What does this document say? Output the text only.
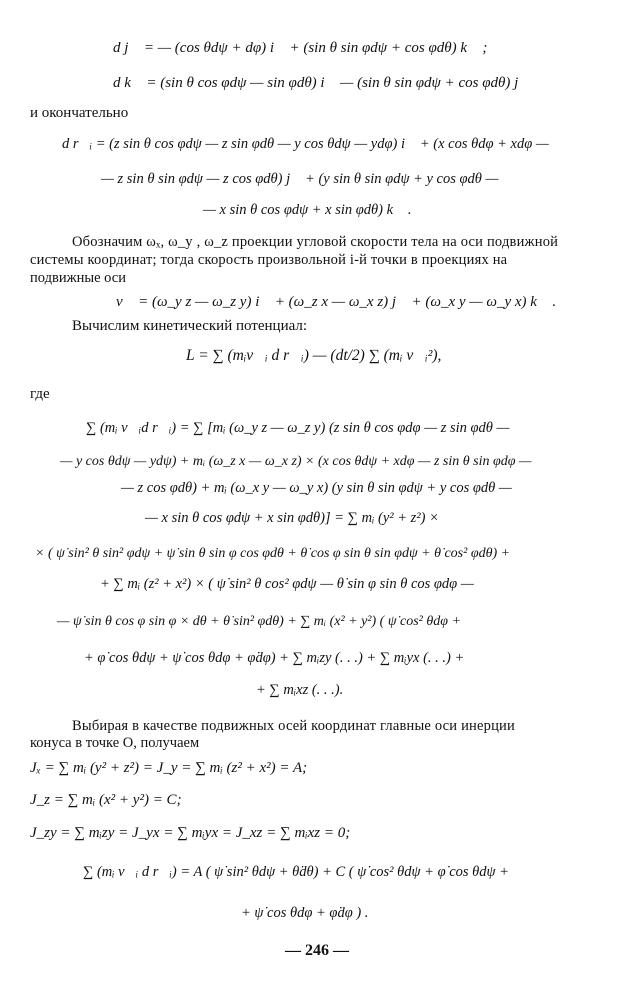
d j⃗ = — (cos θdψ + dφ) i⃗ + (sin θ sin φdψ + cos φdθ) k⃗ ;
d k⃗ = (sin θ cos φdψ — sin φdθ) i⃗ — (sin θ sin φdψ + cos φdθ) j⃗
и окончательно
d r⃗ᵢ = (z sin θ cos φdψ — z sin φdθ — y cos θdψ — ydφ) i⃗ + (x cos θdφ + xdφ —
— z sin θ sin φdψ — z cos φdθ) j⃗ + (y sin θ sin φdψ + y cos φdθ —
— x sin θ cos φdψ + x sin φdθ) k⃗ .
Обозначим ωₓ, ω_y , ω_z проекции угловой скорости тела на оси подвижной
системы координат; тогда скорость произвольной i-й точки в проекциях на
подвижные оси
v⃗ = (ω_y z — ω_z y) i⃗ + (ω_z x — ω_x z) j⃗ + (ω_x y — ω_y x) k⃗ .
Вычислим кинетический потенциал:
L = ∑ (mᵢv⃗ᵢ d r⃗ᵢ) — (dt/2) ∑ (mᵢ v⃗ᵢ²),
где
∑ (mᵢ v⃗ᵢd r⃗ᵢ) = ∑ [mᵢ (ω_y z — ω_z y) (z sin θ cos φdφ — z sin φdθ —
— y cos θdψ — ydψ) + mᵢ (ω_z x — ω_x z) × (x cos θdψ + xdφ — z sin θ sin φdφ —
— z cos φdθ) + mᵢ (ω_x y — ω_y x) (y sin θ sin φdψ + y cos φdθ —
— x sin θ cos φdψ + x sin φdθ)] = ∑ mᵢ (y² + z²) ×
× ( ψ̇ sin² θ sin² φdψ + ψ̇ sin θ sin φ cos φdθ + θ̇ cos φ sin θ sin φdψ + θ̇ cos² φdθ) +
+ ∑ mᵢ (z² + x²) × ( ψ̇ sin² θ cos² φdψ — θ̇ sin φ sin θ cos φdφ —
— ψ̇ sin θ cos φ sin φ × dθ + θ̇ sin² φdθ) + ∑ mᵢ (x² + y²) ( ψ̇ cos² θdφ +
+ φ̇ cos θdψ + ψ̇ cos θdφ + φ̇dφ) + ∑ mᵢzy (. . .) + ∑ mᵢyx (. . .) +
+ ∑ mᵢxz (. . .).
Выбирая в качестве подвижных осей координат главные оси инерции
конуса в точке O, получаем
Jₓ = ∑ mᵢ (y² + z²) = J_y = ∑ mᵢ (z² + x²) = A;
J_z = ∑ mᵢ (x² + y²) = C;
J_zy = ∑ mᵢzy = J_yx = ∑ mᵢyx = J_xz = ∑ mᵢxz = 0;
∑ (mᵢ v⃗ᵢ d r⃗ᵢ) = A ( ψ̇ sin² θdψ + θ̇dθ) + C ( ψ̇ cos² θdψ + φ̇ cos θdψ +
+ ψ̇ cos θdφ + φ̇dφ ) .
— 246 —
